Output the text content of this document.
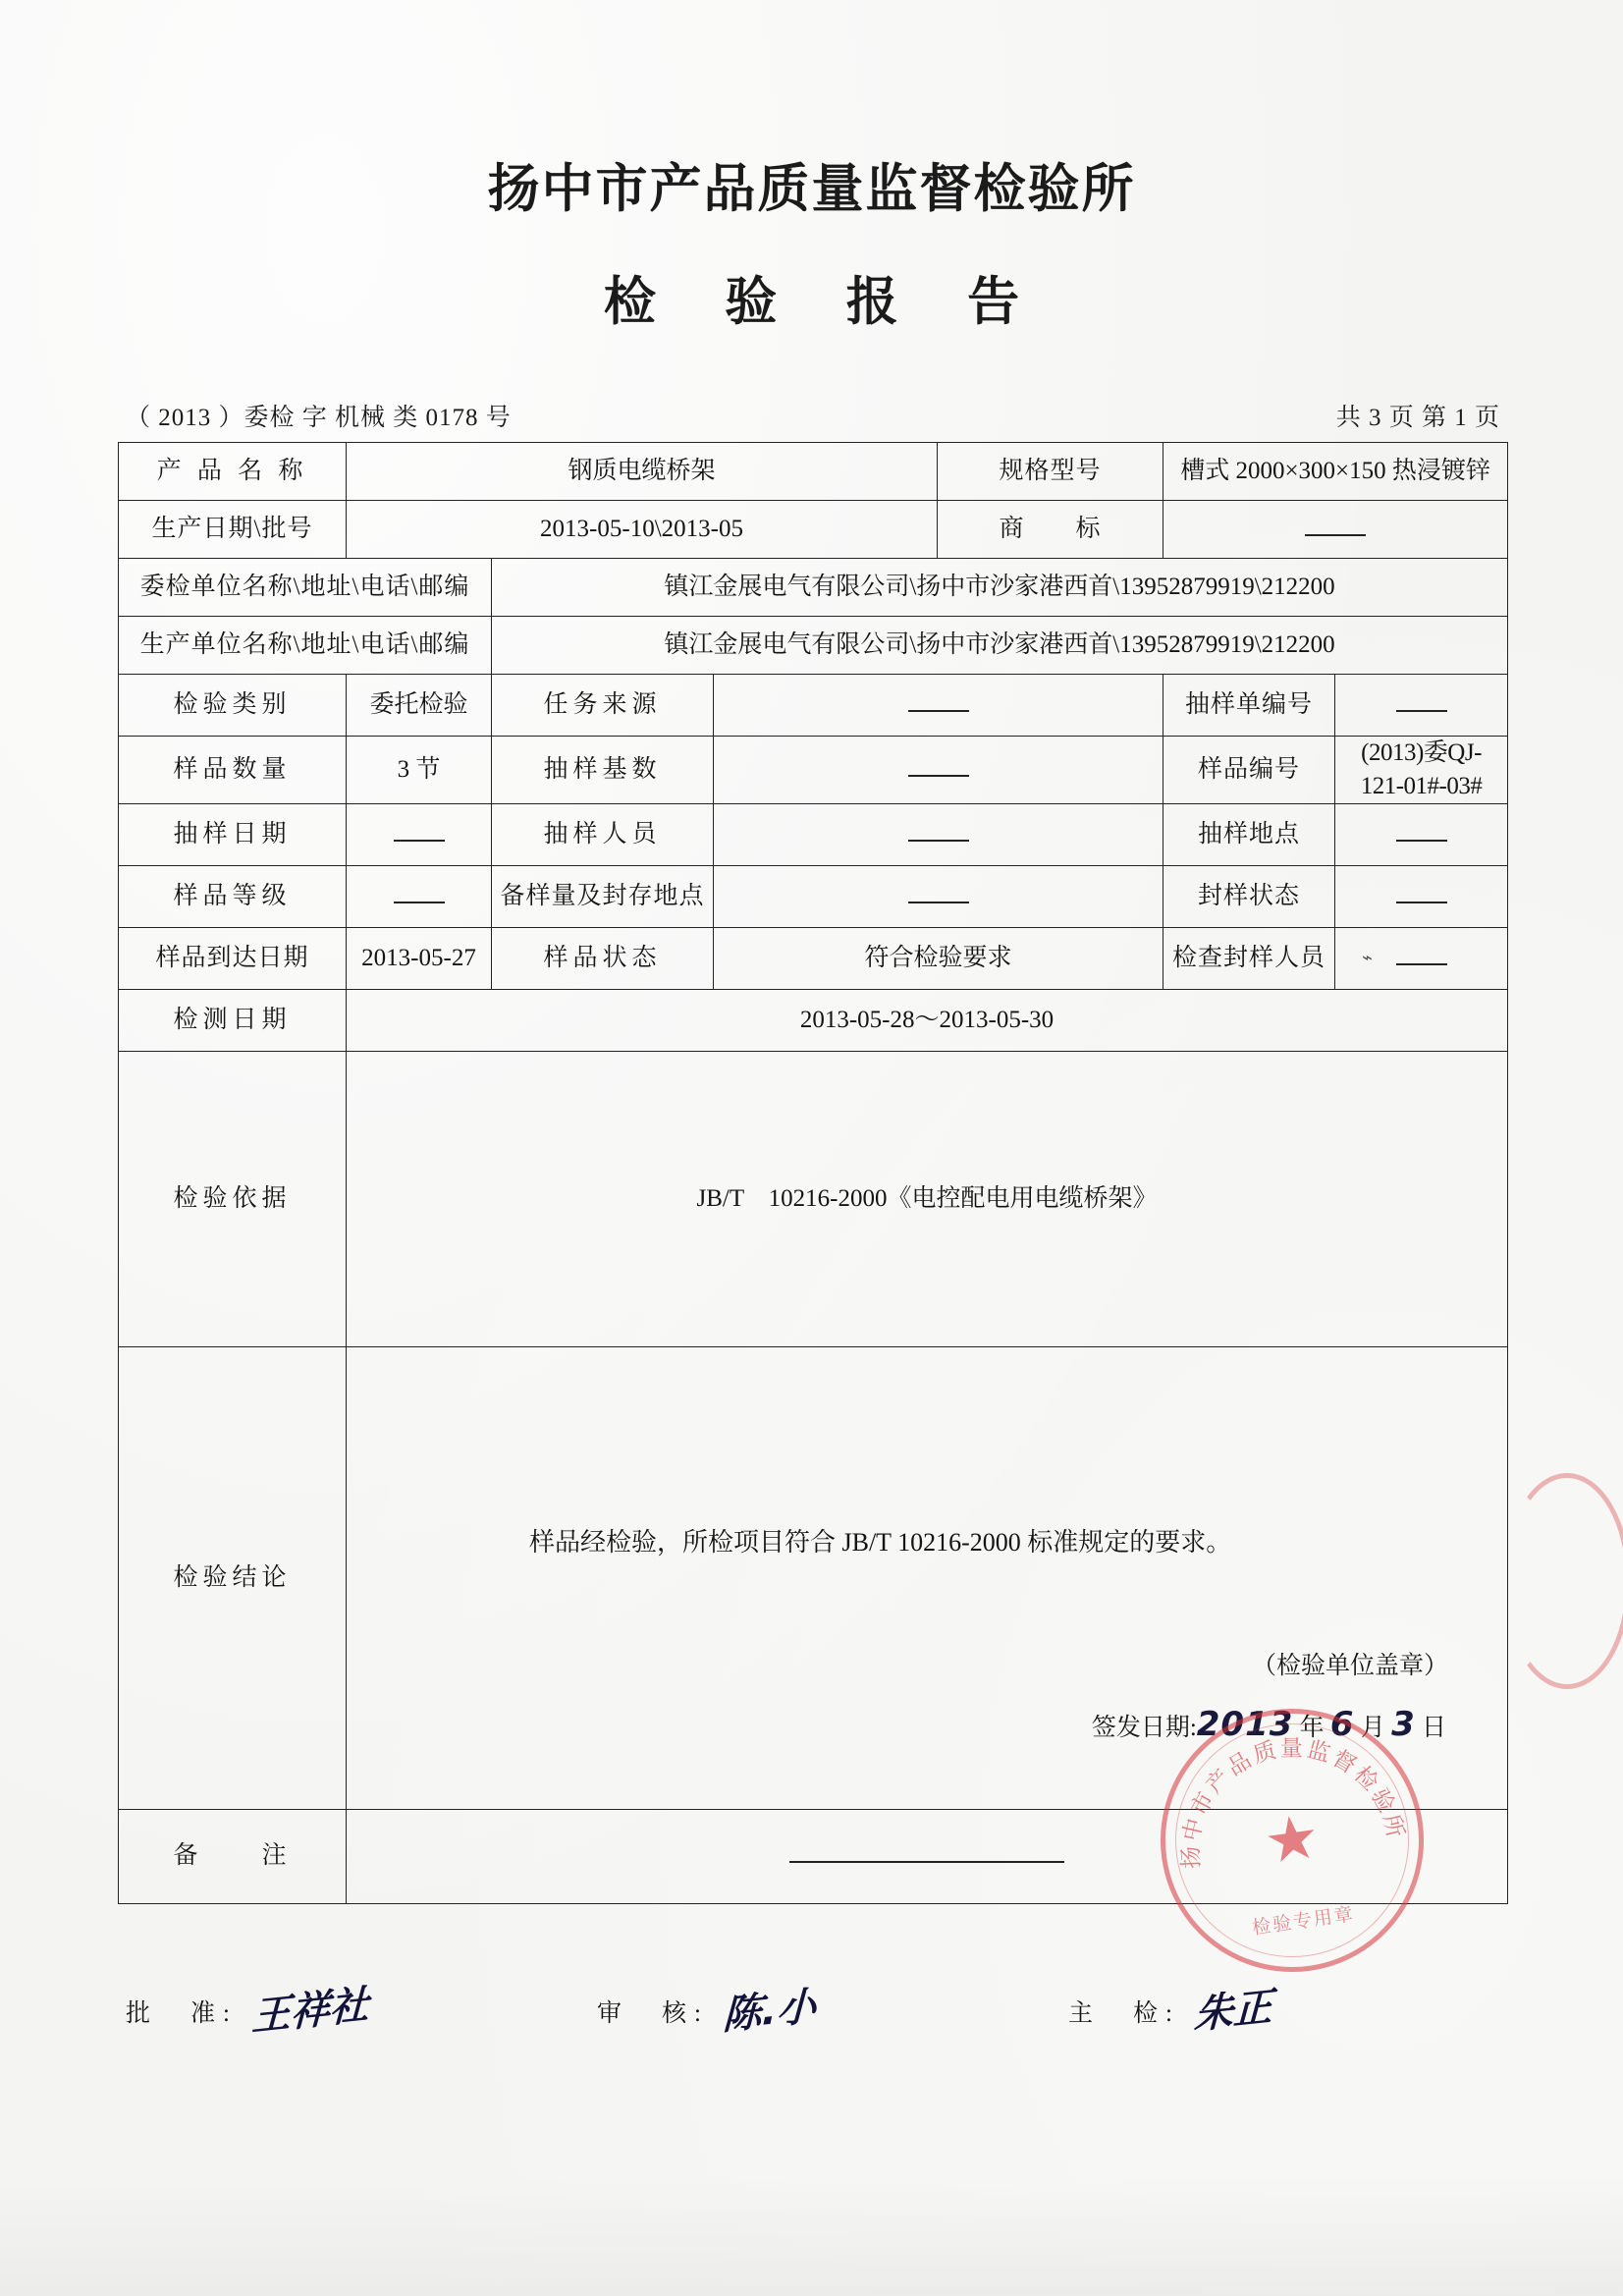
扬中市产品质量监督检验所
检 验 报 告
（ 2013 ）委检 字 机械 类 0178 号	共 3 页 第 1 页
产 品 名 称	钢质电缆桥架			规格型号	槽式 2000×300×150 热浸镀锌	
生产日期\批号	2013-05-10\2013-05			商　　标		
委检单位名称\地址\电话\邮编		镇江金展电气有限公司\扬中市沙家港西首\13952879919\212200				
生产单位名称\地址\电话\邮编		镇江金展电气有限公司\扬中市沙家港西首\13952879919\212200				
检验类别	委托检验	任务来源			抽样单编号	
样品数量	3 节	抽样基数			样品编号	(2013)委QJ-121-01#-03#
抽样日期		抽样人员			抽样地点	
样品等级		备样量及封存地点			封样状态	
样品到达日期	2013-05-27	样品状态	符合检验要求		检查封样人员	
检测日期	2013-05-28～2013-05-30					
检验依据	JB/T　10216-2000《电控配电用电缆桥架》					
检验结论	样品经检验，所检项目符合 JB/T 10216-2000 标准规定的要求。
（检验单位盖章）
签发日期:2013 年 6 月 3 日					

备　　注						
批　准: 王祥社	审　核: 陈.小	主　检: 朱正
扬中市产品质量监督检验所
★
检验专用章
⌁
